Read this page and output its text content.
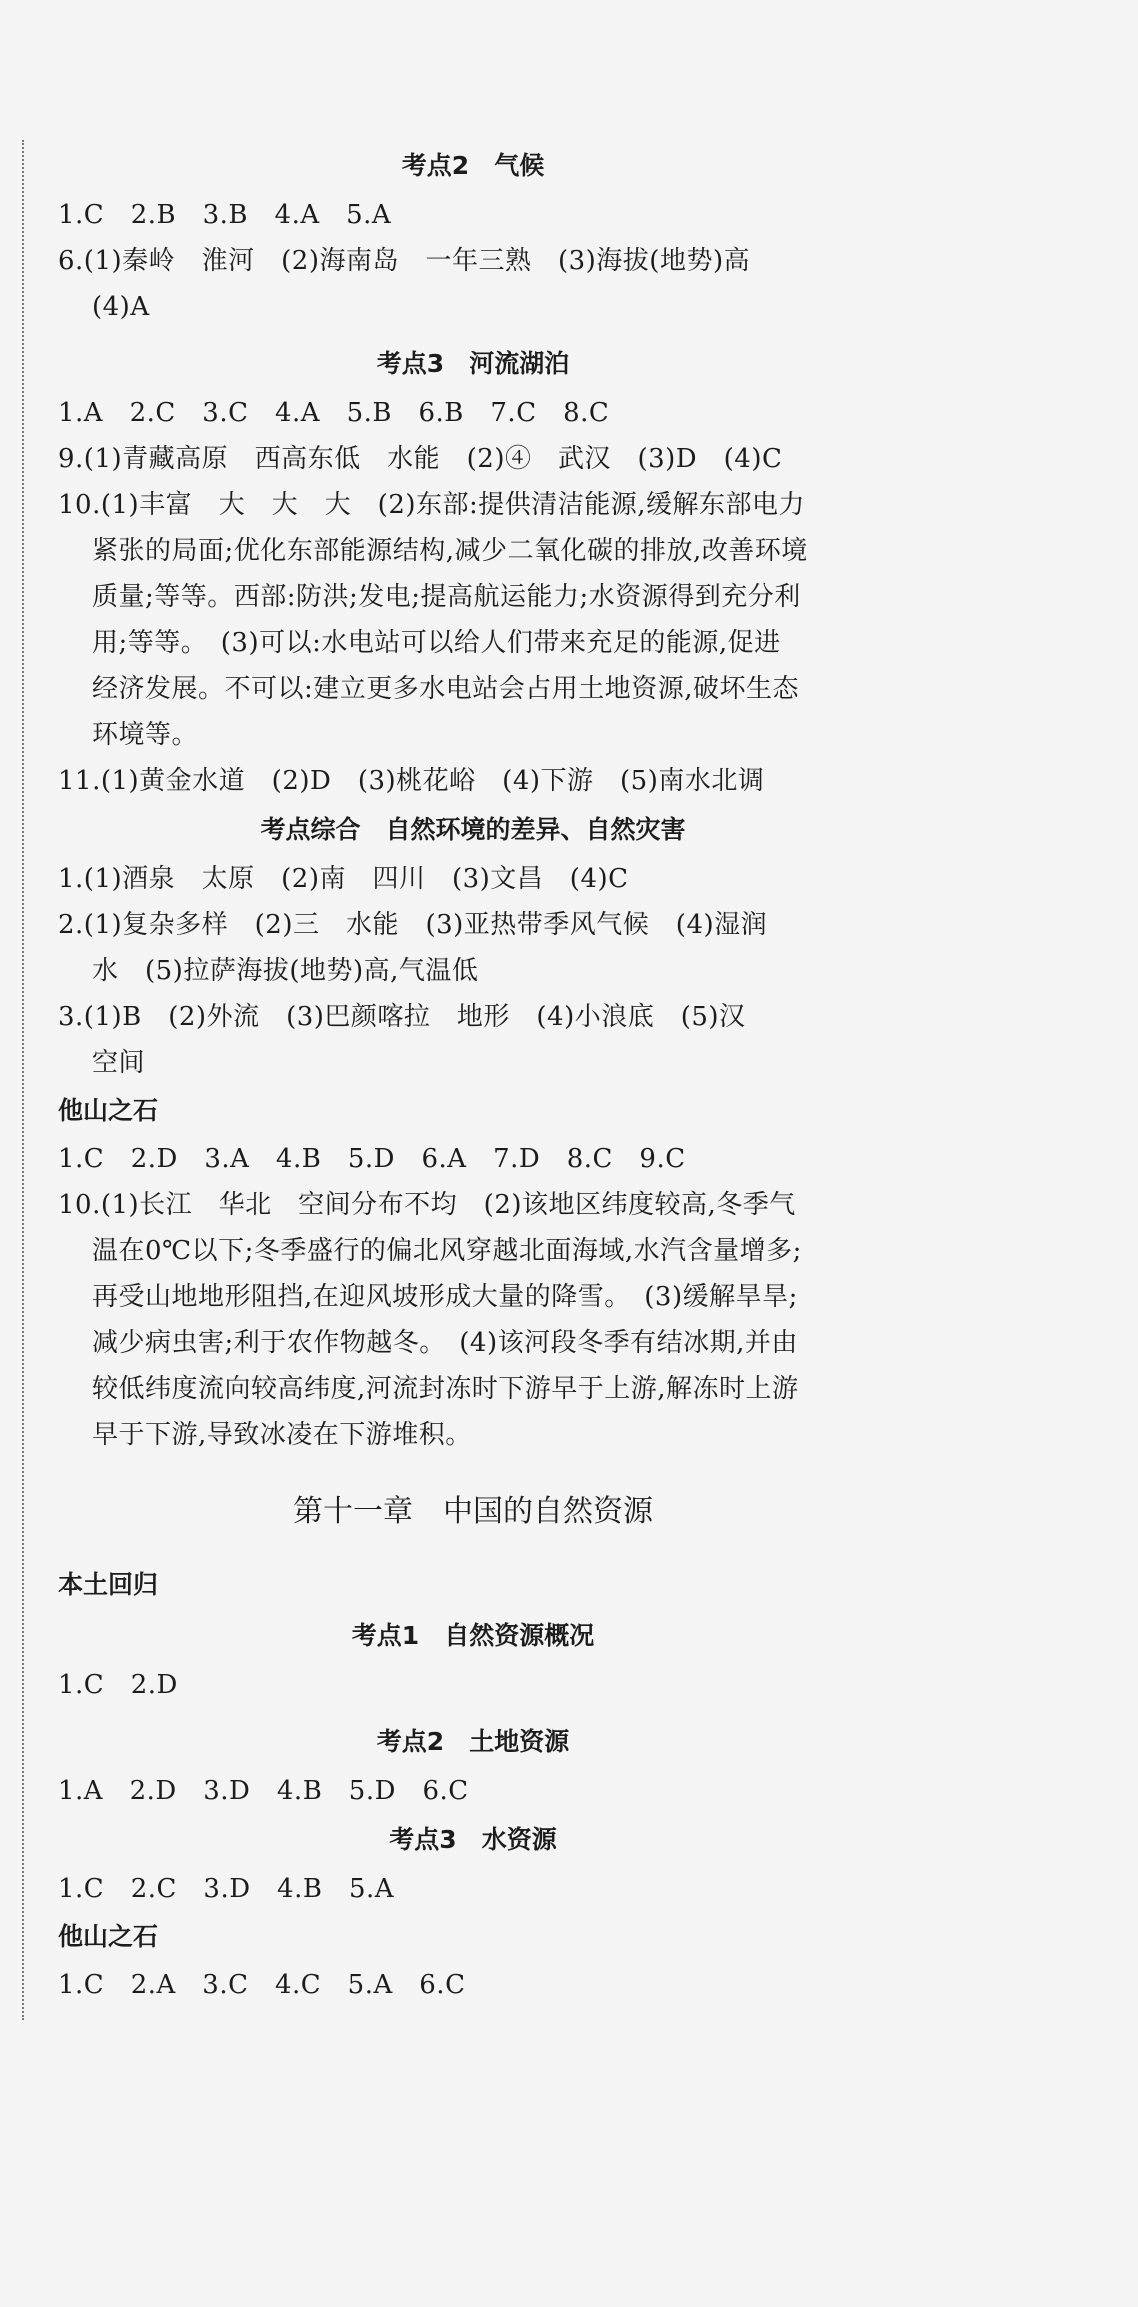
考点2　气候
1.C　2.B　3.B　4.A　5.A
6.(1)秦岭　淮河　(2)海南岛　一年三熟　(3)海拔(地势)高
(4)A
考点3　河流湖泊
1.A　2.C　3.C　4.A　5.B　6.B　7.C　8.C
9.(1)青藏高原　西高东低　水能　(2)④　武汉　(3)D　(4)C
10.(1)丰富　大　大　大　(2)东部:提供清洁能源,缓解东部电力
紧张的局面;优化东部能源结构,减少二氧化碳的排放,改善环境
质量;等等。西部:防洪;发电;提高航运能力;水资源得到充分利
用;等等。　(3)可以:水电站可以给人们带来充足的能源,促进
经济发展。不可以:建立更多水电站会占用土地资源,破坏生态
环境等。
11.(1)黄金水道　(2)D　(3)桃花峪　(4)下游　(5)南水北调
考点综合　自然环境的差异、自然灾害
1.(1)酒泉　太原　(2)南　四川　(3)文昌　(4)C
2.(1)复杂多样　(2)三　水能　(3)亚热带季风气候　(4)湿润
水　(5)拉萨海拔(地势)高,气温低
3.(1)B　(2)外流　(3)巴颜喀拉　地形　(4)小浪底　(5)汉
空间
他山之石
1.C　2.D　3.A　4.B　5.D　6.A　7.D　8.C　9.C
10.(1)长江　华北　空间分布不均　(2)该地区纬度较高,冬季气
温在0℃以下;冬季盛行的偏北风穿越北面海域,水汽含量增多;
再受山地地形阻挡,在迎风坡形成大量的降雪。　(3)缓解旱旱;
减少病虫害;利于农作物越冬。　(4)该河段冬季有结冰期,并由
较低纬度流向较高纬度,河流封冻时下游早于上游,解冻时上游
早于下游,导致冰凌在下游堆积。
第十一章　中国的自然资源
本土回归
考点1　自然资源概况
1.C　2.D
考点2　土地资源
1.A　2.D　3.D　4.B　5.D　6.C
考点3　水资源
1.C　2.C　3.D　4.B　5.A
他山之石
1.C　2.A　3.C　4.C　5.A　6.C
